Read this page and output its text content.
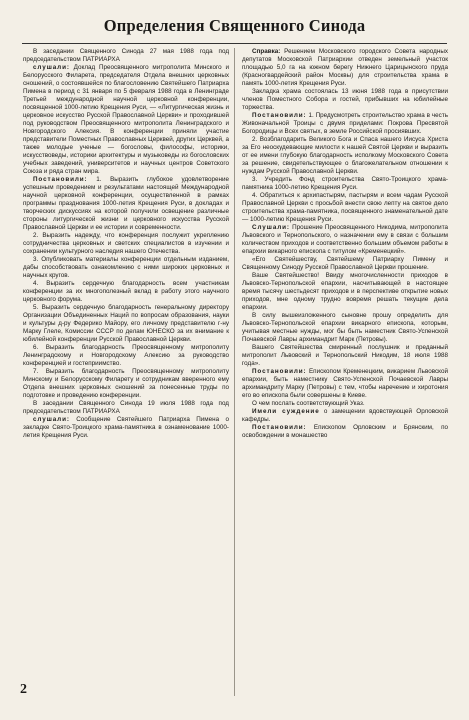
Определения Священного Синода

В заседании Священного Синода 27 мая 1988 года под председательством ПАТРИАРХА

слушали: Доклад Преосвященного митрополита Минского и Белорусского Филарета, председателя Отдела внешних церковных сношений, о состоявшейся по благословению Святейшего Патриарха Пимена в период с 31 января по 5 февраля 1988 года в Ленинграде Третьей международной научной церковной конференции, посвященной 1000-летию Крещения Руси, — «Литургическая жизнь и церковное искусство Русской Православной Церкви» и проходившей под руководством Преосвященного митрополита Ленинградского и Новгородского Алексия. В конференции приняли участие представители Поместных Православных Церквей, других Церквей, а также молодые ученые — богословы, философы, историки, искусствоведы, историки архитектуры и музыковеды из богословских учебных заведений, университетов и научных центров Советского Союза и ряда стран мира.

Постановили: 1. Выразить глубокое удовлетворение успешным проведением и результатами настоящей Международной научной церковной конференции, осуществленной в рамках программы празднования 1000-летия Крещения Руси, в докладах и творческих дискуссиях на которой получили освещение различные стороны литургической жизни и церковного искусства Русской Православной Церкви и ее истории и современности.

2. Выразить надежду, что конференция послужит укреплению сотрудничества церковных и светских специалистов в изучении и сохранении культурного наследия нашего Отечества.

3. Опубликовать материалы конференции отдельным изданием, дабы способствовать ознакомлению с ними широких церковных и научных кругов.

4. Выразить сердечную благодарность всем участникам конференции за их многополезный вклад в работу этого научного церковного форума.

5. Выразить сердечную благодарность генеральному директору Организации Объединенных Наций по вопросам образования, науки и культуры д-ру Федерико Майору, его личному представителю г-ну Марку Глеле, Комиссии СССР по делам ЮНЕСКО за их внимание к юбилейной конференции Русской Православной Церкви.

6. Выразить благодарность Преосвященному митрополиту Ленинградскому и Новгородскому Алексию за руководство конференцией и гостеприимство.

7. Выразить благодарность Преосвященному митрополиту Минскому и Белорусскому Филарету и сотрудникам вверенного ему Отдела внешних церковных сношений за понесенные труды по подготовке и проведению конференции.

В заседании Священного Синода 19 июля 1988 года под председательством ПАТРИАРХА

слушали: Сообщение Святейшего Патриарха Пимена о закладке Свято-Троицкого храма-памятника в ознаменование 1000-летия Крещения Руси.

Справка: Решением Московского городского Совета народных депутатов Московской Патриархии отведен земельный участок площадью 5,0 га на южном берегу Нижнего Царицынского пруда (Красногвардейский район Москвы) для строительства храма в память 1000-летия Крещения Руси.

Закладка храма состоялась 13 июня 1988 года в присутствии членов Поместного Собора и гостей, прибывших на юбилейные торжества.

Постановили: 1. Предусмотреть строительство храма в честь Живоначальной Троицы с двумя приделами: Покрова Пресвятой Богородицы и Всех святых, в земле Российской просиявших.

2. Возблагодарить Великого Бога и Спаса нашего Иисуса Христа за Его неоскудевающие милости к нашей Святой Церкви и выразить от ее имени глубокую благодарность исполкому Московского Совета за решение, свидетельствующее о благожелательном отношении к нуждам Русской Православной Церкви.

3. Учредить Фонд строительства Свято-Троицкого храма-памятника 1000-летию Крещения Руси.

4. Обратиться к архипастырям, пастырям и всем чадам Русской Православной Церкви с просьбой внести свою лепту на святое дело строительства храма-памятника, посвященного знаменательной дате — 1000-летию Крещения Руси.

Слушали: Прошение Преосвященного Никодима, митрополита Львовского и Тернопольского, о назначении ему в связи с большим количеством приходов и соответственно большим объемом работы в епархии викарного епископа с титулом «Кременецкий».

«Его Святейшеству, Святейшему Патриарху Пимену и Священному Синоду Русской Православной Церкви прошение.

Ваше Святейшество! Ввиду многочисленности приходов в Львовско-Тернопольской епархии, насчитывающей в настоящее время тысячу шестьдесят приходов и в перспективе открытие новых приходов, мне одному трудно вовремя решать текущие дела епархии.

В силу вышеизложенного сыновне прошу определить для Львовско-Тернопольской епархии викарного епископа, которым, учитывая местные нужды, мог бы быть наместник Свято-Успенской Почаевской Лавры архимандрит Марк (Петровы).

Вашего Святейшества смиренный послушник и преданный митрополит Львовский и Тернопольский Никодим, 18 июля 1988 года».

Постановили: Епископом Кременецким, викарием Львовской епархии, быть наместнику Свято-Успенской Почаевской Лавры архимандриту Марку (Петровы) с тем, чтобы наречение и хиротония его во епископа были совершены в Киеве.

О чем послать соответствующий Указ.

Имели суждение о замещении вдовствующей Орловской кафедры.

Постановили: Епископом Орловским и Брянским, по освобождении в монашество

2
